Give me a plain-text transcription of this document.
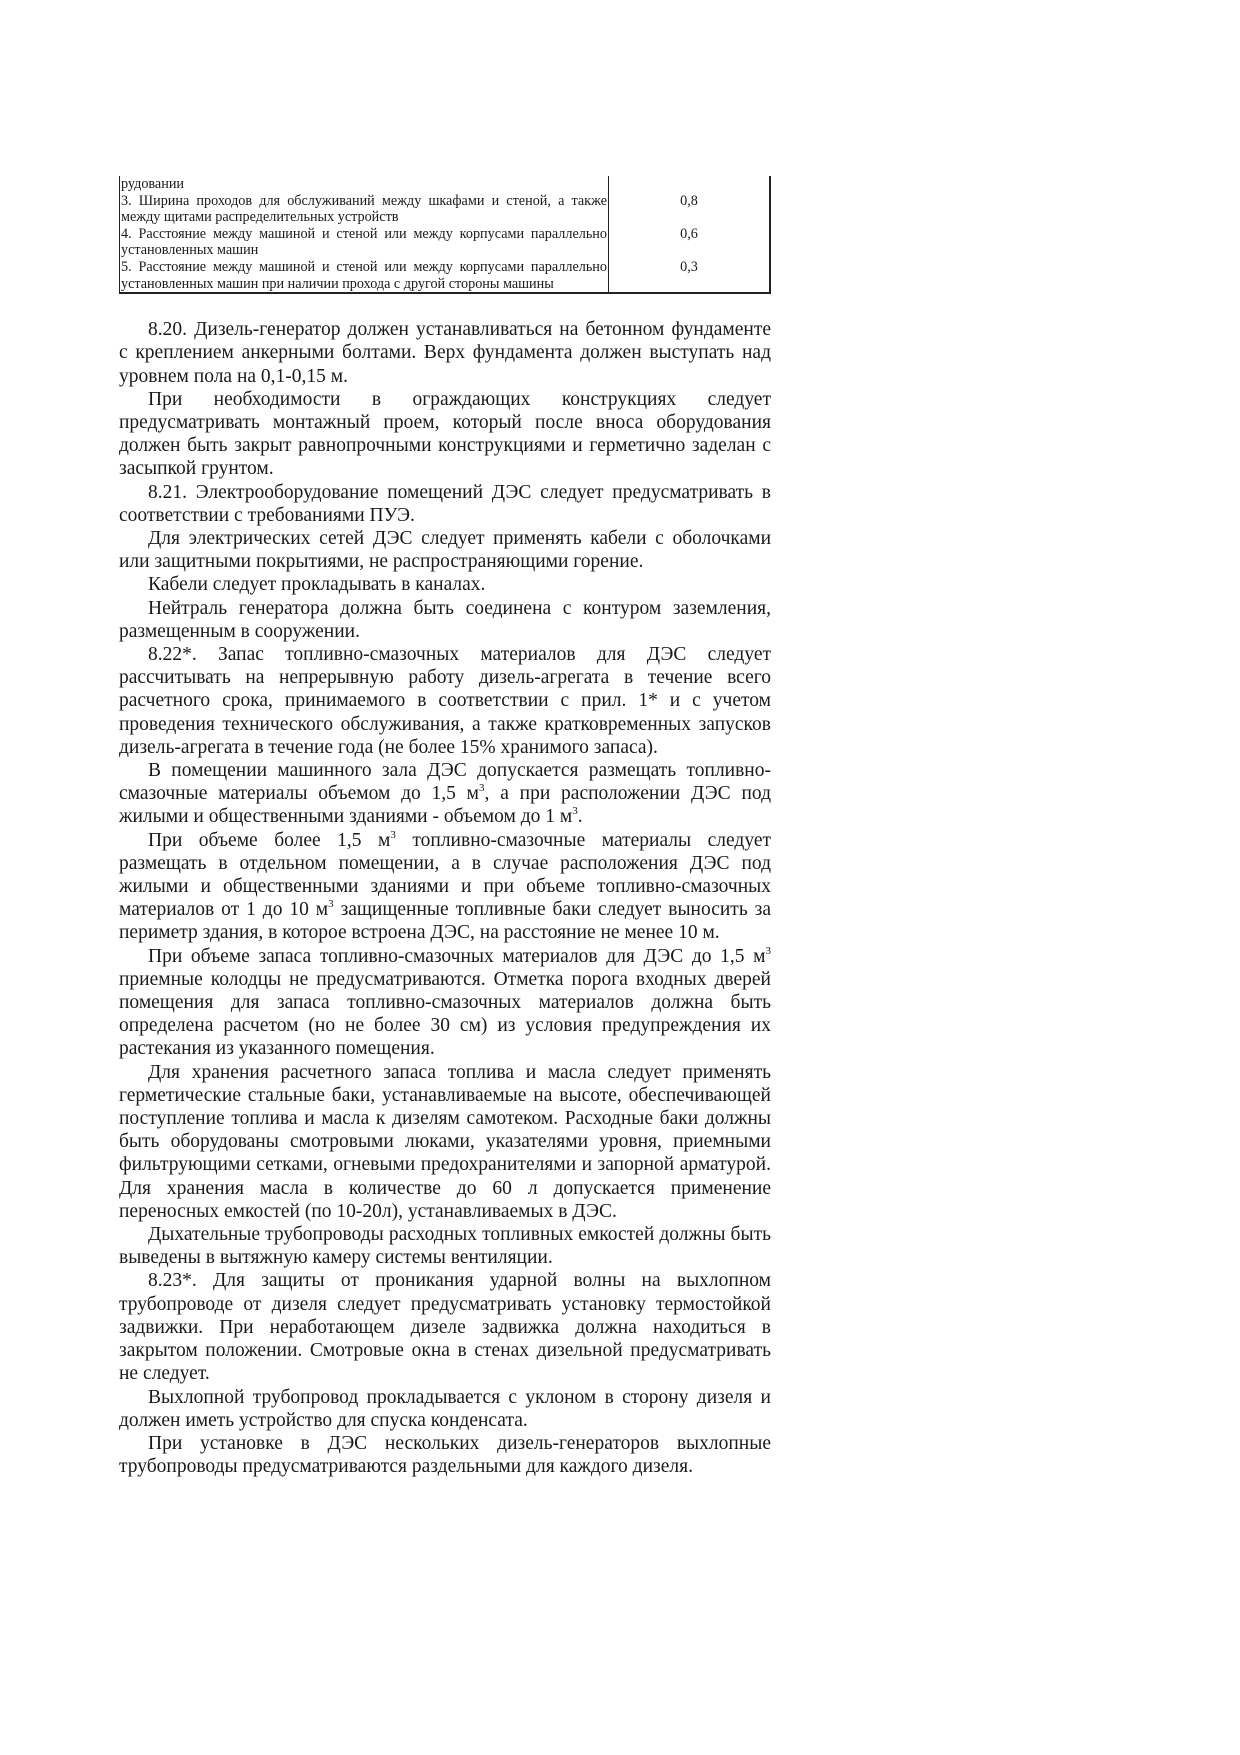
рудовании	

3. Ширина проходов для обслуживаний между шкафами и стеной, а также между щитами распределительных устройств	0,8

4. Расстояние между машиной и стеной или между корпусами параллельно установленных машин	0,6

5. Расстояние между машиной и стеной или между корпусами параллельно установленных машин при наличии прохода с другой стороны машины	0,3

8.20. Дизель-генератор должен устанавливаться на бетонном фундаменте с креплением анкерными болтами. Верх фундамента должен выступать над уровнем пола на 0,1-0,15 м.

При необходимости в ограждающих конструкциях следует предусматривать монтажный проем, который после вноса оборудования должен быть закрыт равнопрочными конструкциями и герметично заделан с засыпкой грунтом.

8.21. Электрооборудование помещений ДЭС следует предусматривать в соответствии с требованиями ПУЭ.

Для электрических сетей ДЭС следует применять кабели с оболочками или защитными покрытиями, не распространяющими горение.

Кабели следует прокладывать в каналах.

Нейтраль генератора должна быть соединена с контуром заземления, размещенным в сооружении.

8.22*. Запас топливно-смазочных материалов для ДЭС следует рассчитывать на непрерывную работу дизель-агрегата в течение всего расчетного срока, принимаемого в соответствии с прил. 1* и с учетом проведения технического обслуживания, а также кратковременных запусков дизель-агрегата в течение года (не более 15% хранимого запаса).

В помещении машинного зала ДЭС допускается размещать топливно-смазочные материалы объемом до 1,5 $м^3$, а при расположении ДЭС под жилыми и общественными зданиями - объемом до 1 $м^3$.

При объеме более 1,5 $м^3$ топливно-смазочные материалы следует размещать в отдельном помещении, а в случае расположения ДЭС под жилыми и общественными зданиями и при объеме топливно-смазочных материалов от 1 до 10 $м^3$ защищенные топливные баки следует выносить за периметр здания, в которое встроена ДЭС, на расстояние не менее 10 м.

При объеме запаса топливно-смазочных материалов для ДЭС до 1,5 $м^3$ приемные колодцы не предусматриваются. Отметка порога входных дверей помещения для запаса топливно-смазочных материалов должна быть определена расчетом (но не более 30 см) из условия предупреждения их растекания из указанного помещения.

Для хранения расчетного запаса топлива и масла следует применять герметические стальные баки, устанавливаемые на высоте, обеспечивающей поступление топлива и масла к дизелям самотеком. Расходные баки должны быть оборудованы смотровыми люками, указателями уровня, приемными фильтрующими сетками, огневыми предохранителями и запорной арматурой. Для хранения масла в количестве до 60 л допускается применение переносных емкостей (по 10-20л), устанавливаемых в ДЭС.

Дыхательные трубопроводы расходных топливных емкостей должны быть выведены в вытяжную камеру системы вентиляции.

8.23*. Для защиты от проникания ударной волны на выхлопном трубопроводе от дизеля следует предусматривать установку термостойкой задвижки. При неработающем дизеле задвижка должна находиться в закрытом положении. Смотровые окна в стенах дизельной предусматривать не следует.

Выхлопной трубопровод прокладывается с уклоном в сторону дизеля и должен иметь устройство для спуска конденсата.

При установке в ДЭС нескольких дизель-генераторов выхлопные трубопроводы предусматриваются раздельными для каждого дизеля.
